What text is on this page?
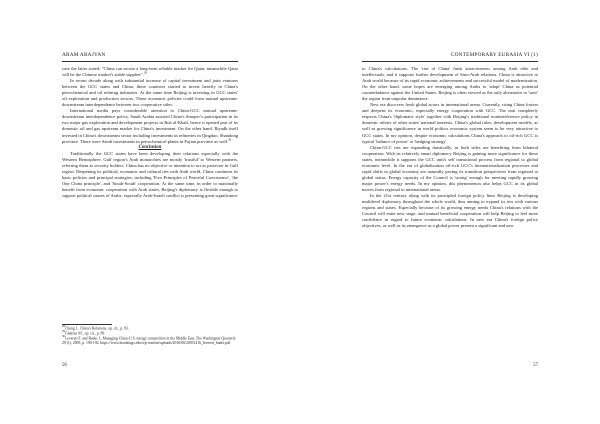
ARAM ABAJYAN

case the latter stated: "China can secure a long-term reliable market for Qatar, meanwhile Qatar will be the Chinese market's stable supplier".$^{28}$

In recent decade along with substantial increase of capital investment and joint ventures between the GCC states and China, these countries started to invest heavily in China's petrochemical and oil refining industries. At the same time Beijing is investing in GCC states' oil exploration and production sectors. These economic policies could form mutual upstream-downstream interdependence between two cooperative sides.

International media pays considerable attention to China-GCC mutual upstream-downstream interdependence policy. Saudi Arabia assisted China's Sinopec's participation in its two major gas exploration and development projects in Rub al-Khali, hence it opened part of its domestic oil and gas upstream market for China's investment. On the other hand, Riyadh itself invested in China's downstream sector including investments in refineries in Qingdao, Shandong province. There were Saudi investments in petrochemical plants in Fujian province as well.$^{30}$

Conclusion

Traditionally the GCC states have been developing their relations especially with the Western Hemisphere. Gulf region's Arab monarchies are mostly 'trustful' to Western partners, referring them as security holders. China has no objective or intention to act as protector in Gulf region. Deepening its political, economic and cultural ties with Arab world, China continues its basic policies and principal strategies, including 'Five Principles of Peaceful Coexistence', 'the One China principle', and 'South-South' cooperation. At the same time, in order to maximally benefit from economic cooperation with Arab states, Beijing's diplomacy is flexible enough to support political causes of Arabs: especially Arab-Israeli conflict is presenting great significance

$^{28}$Cheng J., China's Relations, op. cit., p. 83.
$^{29}$Ghafour M., op. cit., p. 89.
$^{30}$Leverett F. and Bader J., Managing China-U.S. energy competition in the Middle East, The Washington Quarterly 29 (1), 2005, p. 190-192. https://www.brookings.edu/wp-content/uploads/2016/06/20051216_leverett_bader.pdf
56
CONTEMPORARY EURASIA VI (1)

to China's calculations. The 'rise of China' finds attractiveness among Arab elite and intellectuals, and it supports further development of Sino-Arab relations. China is attractive to Arab world because of its rapid economic achievements and successful model of modernization. On the other hand, some hopes are emerging among Arabs to 'adapt' China as potential counterbalance against the United States. Beijing is often viewed as the only alternative to 'save' the region from unipolar dominance.

New era discovers fresh global actors in international arena. Currently, rising China fosters and deepens its economic, especially energy cooperation with GCC. The unit completely respects China's 'diplomatic style' together with Beijing's traditional noninterference policy in domestic affairs of other states' national interests. China's global rules, development models, as well as growing significance in world politics economic system seem to be very attractive to GCC states. In my opinion, despite economic calculations China's approach to oil-rich GCC is typical 'balance of power' or 'hedging strategy'.

China-GCC ties are expanding drastically, as both sides are benefiting from bilateral cooperation. With its relatively smart diplomacy Beijing is gaining more significance for these states, meanwhile it supports the GCC unit's self transitional process from regional to global economic level. In the era of globalization oil-rich GCC's internationalization processes and rapid shifts in global economy are naturally paving its transition perspectives from regional to global status. Energy capacity of the Council is 'strong' enough for meeting rapidly growing major power's energy needs. In my opinion, this phenomenon also helps GCC in its global moves from regional to international arena.

In the 21st century along with its principled foreign policy lines Beijing is developing multilevel diplomacy throughout the whole world, thus aiming to expand its ties with various regions and states. Especially because of its growing energy needs China's relations with the Council will enter new stage, and mutual beneficial cooperation will help Beijing to feel more confidence in regard to future economic calculations. In new era China's foreign policy objectives, as well as its emergence as a global power present a significant and new

57
